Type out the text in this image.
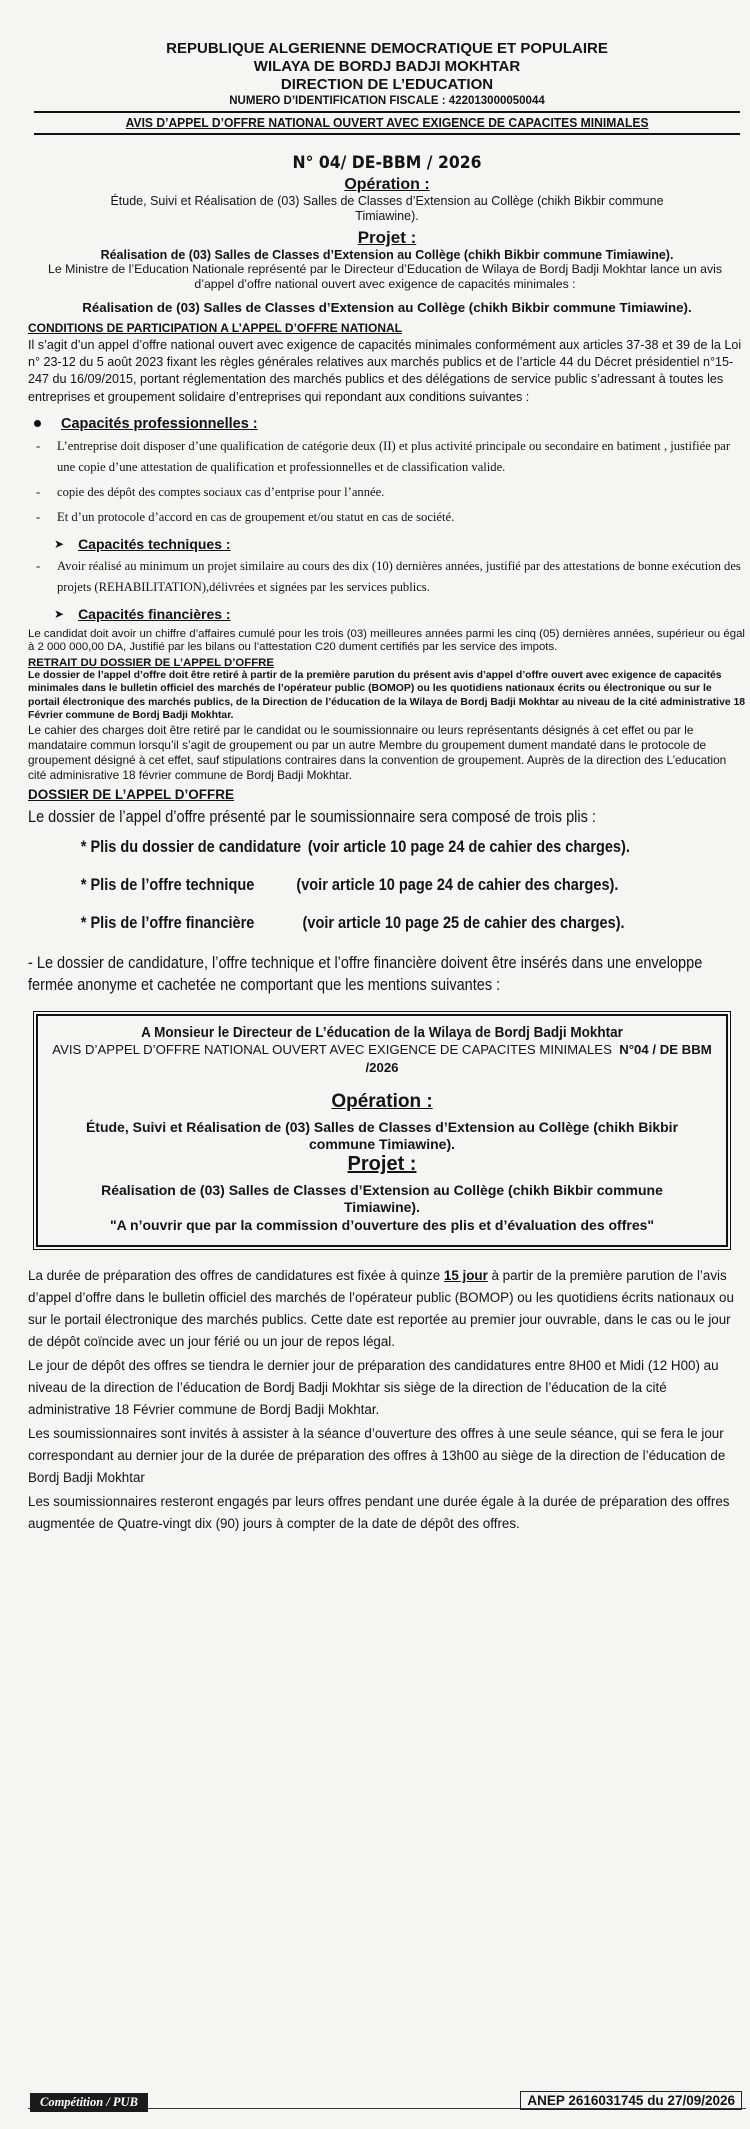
REPUBLIQUE ALGERIENNE DEMOCRATIQUE ET POPULAIRE
WILAYA DE BORDJ BADJI MOKHTAR
DIRECTION DE L’EDUCATION
NUMERO D’IDENTIFICATION FISCALE : 422013000050044
AVIS D’APPEL D’OFFRE NATIONAL OUVERT AVEC EXIGENCE DE CAPACITES MINIMALES
N° 04/ DE-BBM / 2026
Opération :
Étude, Suivi et Réalisation de (03) Salles de Classes d’Extension au Collège (chikh Bikbir commune Timiawine).
Projet :
Réalisation de (03) Salles de Classes d’Extension au Collège (chikh Bikbir commune Timiawine).
Le Ministre de l’Education Nationale représenté par le Directeur d’Education de Wilaya de Bordj Badji Mokhtar lance un avis d’appel d’offre national ouvert avec exigence de capacités minimales :
Réalisation de (03) Salles de Classes d’Extension au Collège (chikh Bikbir commune Timiawine).
CONDITIONS DE PARTICIPATION A L’APPEL D’OFFRE NATIONAL
Il s’agit d’un appel d’offre national ouvert avec exigence de capacités minimales conformément aux articles 37-38 et 39 de la Loi n° 23-12 du 5 août 2023 fixant les règles générales relatives aux marchés publics et de l’article 44 du Décret présidentiel n°15-247 du 16/09/2015, portant réglementation des marchés publics et des délégations de service public s’adressant à toutes les entreprises et groupement solidaire d’entreprises qui repondant aux conditions suivantes :
Capacités professionnelles :
- L’entreprise doit disposer d’une qualification de catégorie deux (II) et plus activité principale ou secondaire en batiment , justifiée par une copie d’une attestation de qualification et professionnelles et de classification valide.
- copie des dépôt des comptes sociaux cas d’entprise pour l’année.
- Et d’un protocole d’accord en cas de groupement et/ou statut en cas de société.
➤ Capacités techniques :
- Avoir réalisé au minimum un projet similaire au cours des dix (10) dernières années, justifié par des attestations de bonne exécution des projets (REHABILITATION),délivrées et signées par les services publics.
➤ Capacités financières :
Le candidat doit avoir un chiffre d’affaires cumulé pour les trois (03) meilleures années parmi les cinq (05) dernières années, supérieur ou égal à 2 000 000,00 DA, Justifié par les bilans ou l’attestation C20 dument certifiés par les service des impots.
RETRAIT DU DOSSIER DE L’APPEL D’OFFRE
Le dossier de l’appel d’offre doit être retiré à partir de la première parution du présent avis d’appel d’offre ouvert avec exigence de capacités minimales dans le bulletin officiel des marchés de l’opérateur public (BOMOP) ou les quotidiens nationaux écrits ou électronique ou sur le portail électronique des marchés publics, de la Direction de l’éducation de la Wilaya de Bordj Badji Mokhtar au niveau de la cité administrative 18 Février commune de Bordj Badji Mokhtar.
Le cahier des charges doit être retiré par le candidat ou le soumissionnaire ou leurs représentants désignés à cet effet ou par le mandataire commun lorsqu’il s’agit de groupement ou par un autre Membre du groupement dument mandaté dans le protocole de groupement désigné à cet effet, sauf stipulations contraires dans la convention de groupement. Auprès de la direction des L’education cité adminisrative 18 février commune de Bordj Badji Mokhtar.
DOSSIER DE L’APPEL D’OFFRE
Le dossier de l’appel d’offre présenté par le soumissionnaire sera composé de trois plis :
* Plis du dossier de candidature (voir article 10 page 24 de cahier des charges).
* Plis de l’offre technique	(voir article 10 page 24 de cahier des charges).
* Plis de l’offre financière	(voir article 10 page 25 de cahier des charges).
- Le dossier de candidature, l’offre technique et l’offre financière doivent être insérés dans une enveloppe fermée anonyme et cachetée ne comportant que les mentions suivantes :
A Monsieur le Directeur de L’éducation de la Wilaya de Bordj Badji Mokhtar
AVIS D’APPEL D’OFFRE NATIONAL OUVERT AVEC EXIGENCE DE CAPACITES MINIMALES N°04 / DE BBM /2026
Opération :
Étude, Suivi et Réalisation de (03) Salles de Classes d’Extension au Collège (chikh Bikbir commune Timiawine).
Projet :
Réalisation de (03) Salles de Classes d’Extension au Collège (chikh Bikbir commune Timiawine).
"A n’ouvrir que par la commission d’ouverture des plis et d’évaluation des offres"

La durée de préparation des offres de candidatures est fixée à quinze 15 jour à partir de la première parution de l’avis d’appel d’offre dans le bulletin officiel des marchés de l’opérateur public (BOMOP) ou les quotidiens écrits nationaux ou sur le portail électronique des marchés publics. Cette date est reportée au premier jour ouvrable, dans le cas ou le jour de dépôt coïncide avec un jour férié ou un jour de repos légal.

Le jour de dépôt des offres se tiendra le dernier jour de préparation des candidatures entre 8H00 et Midi (12 H00) au niveau de la direction de l’éducation de Bordj Badji Mokhtar sis siège de la direction de l’éducation de la cité administrative 18 Février commune de Bordj Badji Mokhtar.

Les soumissionnaires sont invités à assister à la séance d’ouverture des offres à une seule séance, qui se fera le jour correspondant au dernier jour de la durée de préparation des offres à 13h00 au siège de la direction de l’éducation de Bordj Badji Mokhtar

Les soumissionnaires resteront engagés par leurs offres pendant une durée égale à la durée de préparation des offres augmentée de Quatre-vingt dix (90) jours à compter de la date de dépôt des offres.

Compétition / PUB	ANEP 2616031745 du 27/09/2026
